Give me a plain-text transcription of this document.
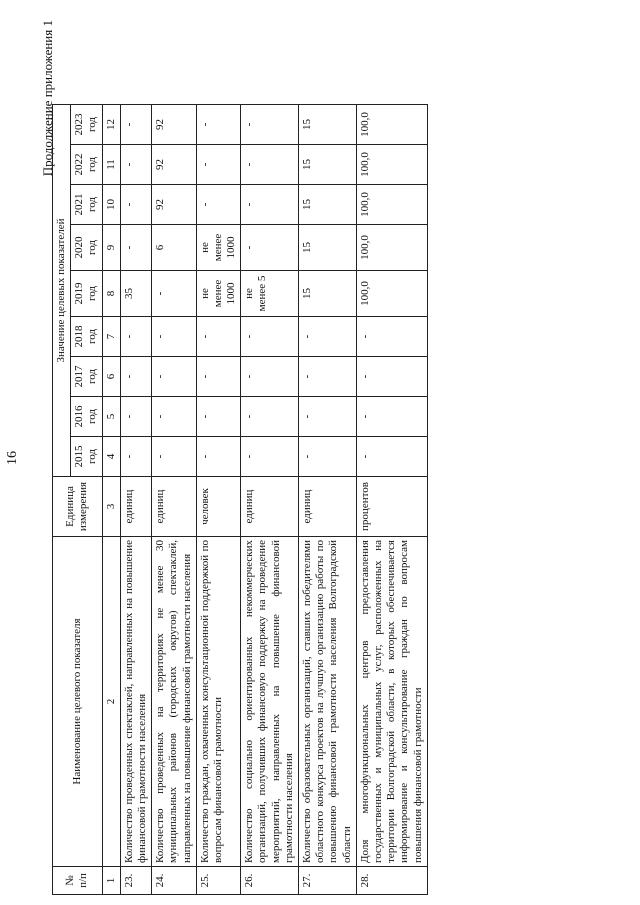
16
Продолжение приложения 1
№ п/п	Наименование целевого показателя	Единица измерения	Значение целевых показателей								
			2015 год	2016 год	2017 год	2018 год	2019 год	2020 год	2021 год	2022 год	2023 год
1	2	3	4	5	6	7	8	9	10	11	12
23.	Количество проведенных спектаклей, направленных на повышение финансовой грамотности населения	единиц	-	-	-	-	35	-	-	-	-
24.	Количество проведенных на территориях не менее 30 муниципальных районов (городских округов) спектаклей, направленных на повышение финансовой грамотности населения	единиц	-	-	-	-	-	6	92	92	92
25.	Количество граждан, охваченных консультационной поддержкой по вопросам финансовой грамотности	человек	-	-	-	-	не менее 1000	не менее 1000	-	-	-
26.	Количество социально ориентированных некоммерческих организаций, получивших финансовую поддержку на проведение мероприятий, направленных на повышение финансовой грамотности населения	единиц	-	-	-	-	не менее 5	-	-	-	-
27.	Количество образовательных организаций, ставших победителями областного конкурса проектов на лучшую организацию работы по повышению финансовой грамотности населения Волгоградской области	единиц	-	-	-	-	15	15	15	15	15
28.	Доля многофункциональных центров предоставления государственных и муниципальных услуг, расположенных на территории Волгоградской области, в которых обеспечивается информирование и консультирование граждан по вопросам повышения финансовой грамотности	процентов	-	-	-	-	100,0	100,0	100,0	100,0	100,0
